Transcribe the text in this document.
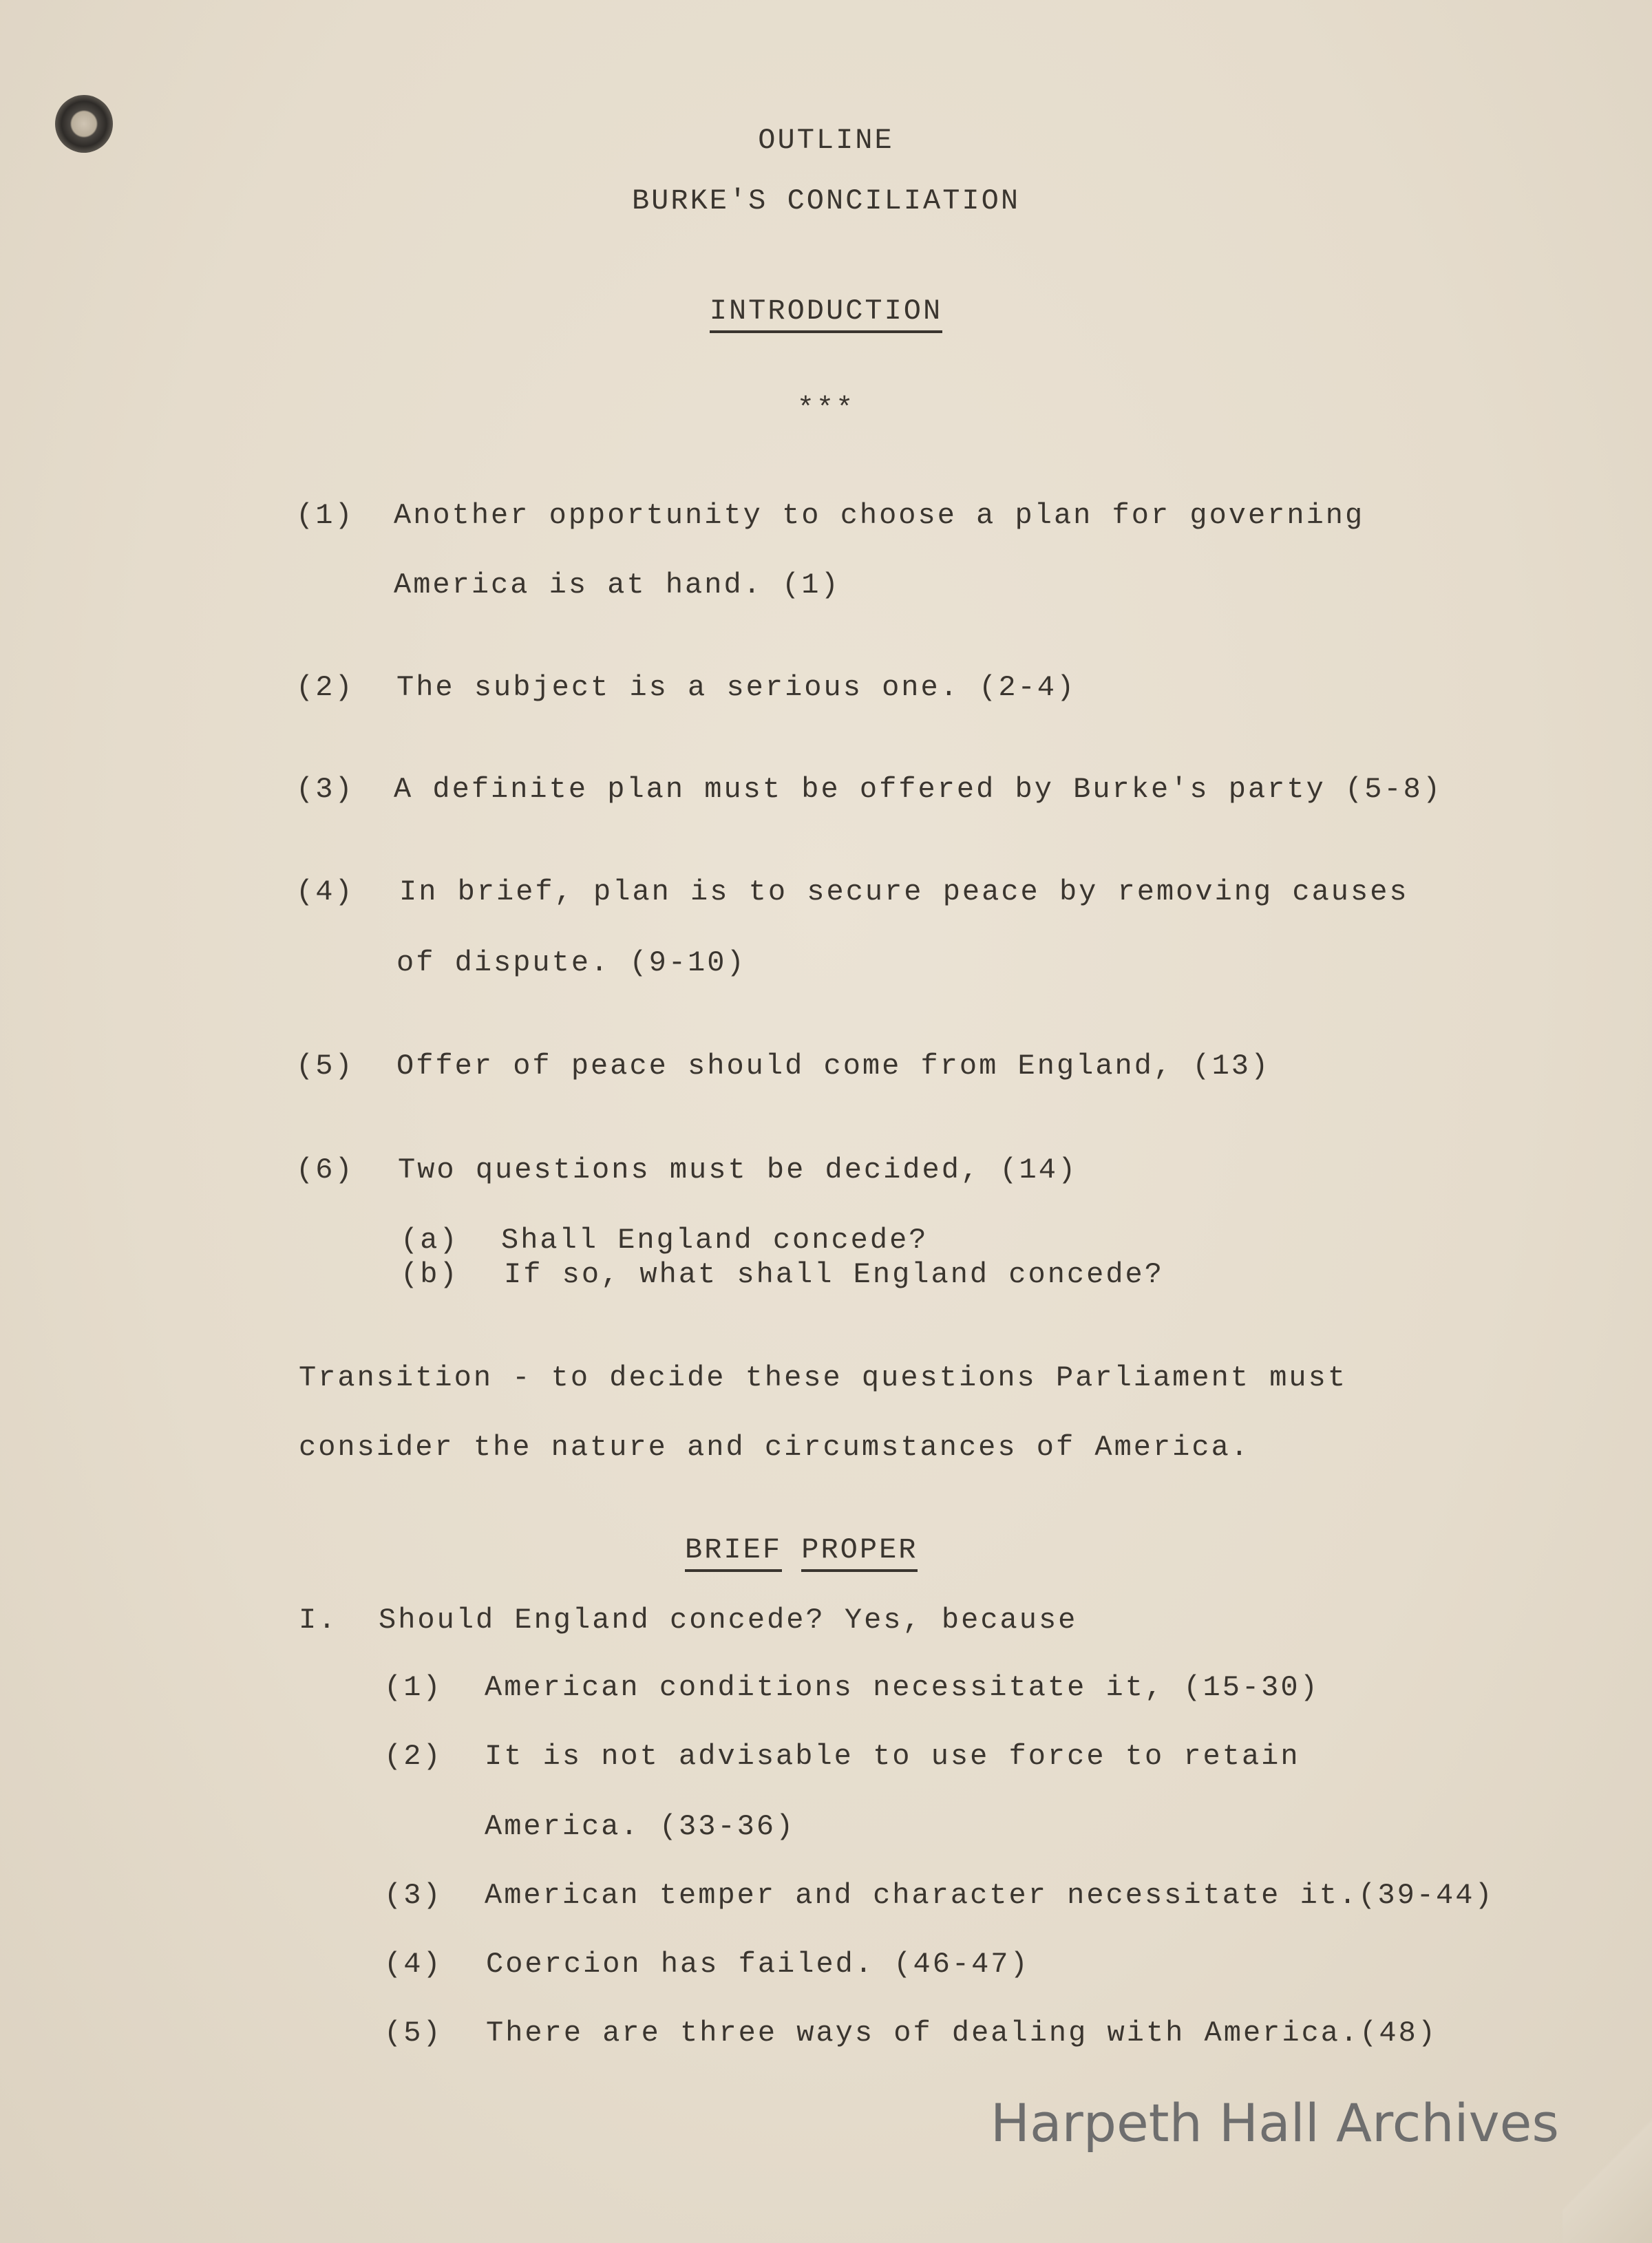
OUTLINE
BURKE'S CONCILIATION
INTRODUCTION
***
(1) Another opportunity to choose a plan for governing
America is at hand. (1)
(2) The subject is a serious one. (2-4)
(3) A definite plan must be offered by Burke's party (5-8)
(4) In brief, plan is to secure peace by removing causes
of dispute. (9-10)
(5) Offer of peace should come from England, (13)
(6) Two questions must be decided, (14)
(a) Shall England concede?
(b) If so, what shall England concede?
Transition - to decide these questions Parliament must
consider the nature and circumstances of America.
BRIEF PROPER
I. Should England concede? Yes, because
(1) American conditions necessitate it, (15-30)
(2) It is not advisable to use force to retain
America. (33-36)
(3) American temper and character necessitate it.(39-44)
(4) Coercion has failed. (46-47)
(5) There are three ways of dealing with America.(48)
Harpeth Hall Archives
